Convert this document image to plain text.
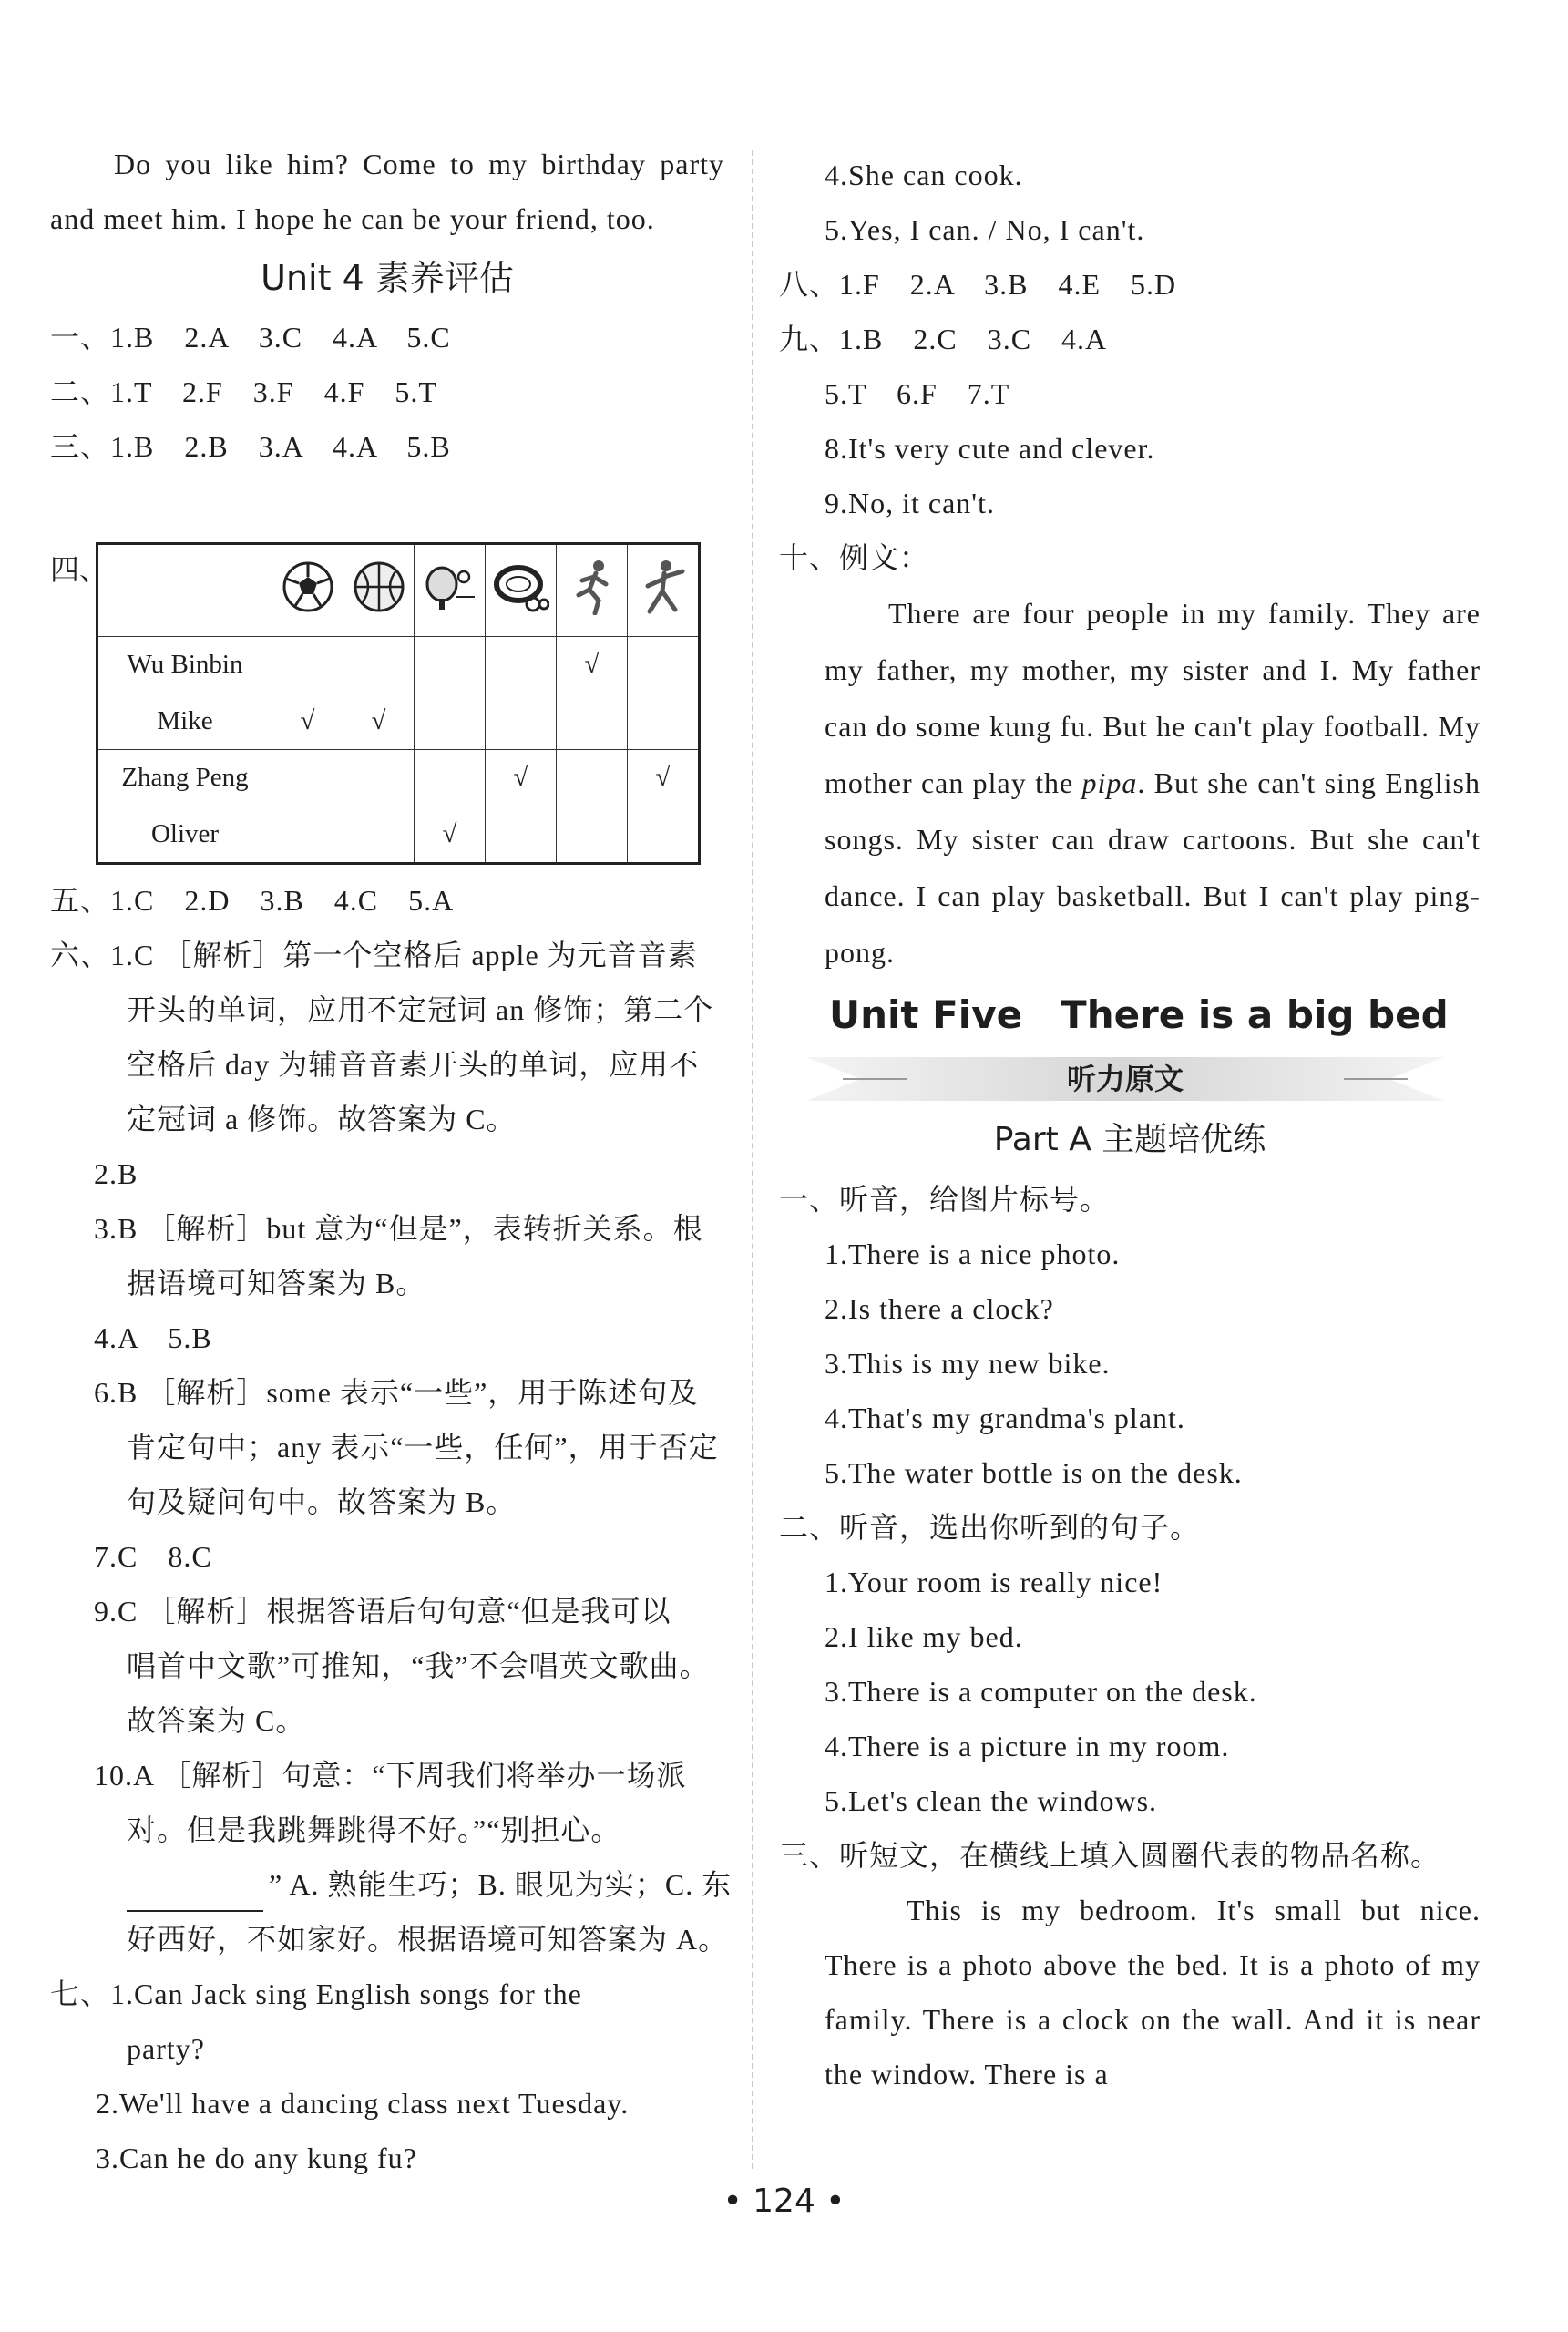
Do you like him? Come to my birthday party and meet him. I hope he can be your friend, too.
Unit 4 素养评估
一、1.B　2.A　3.C　4.A　5.C
二、1.T　2.F　3.F　4.F　5.T
三、1.B　2.B　3.A　4.A　5.B
四、

Wu Binbin					√	
Mike	√	√				
Zhang Peng				√		√
Oliver			√			
五、1.C　2.D　3.B　4.C　5.A
六、1.C ［解析］第一个空格后 apple 为元音音素
开头的单词，应用不定冠词 an 修饰；第二个
空格后 day 为辅音音素开头的单词，应用不
定冠词 a 修饰。故答案为 C。
2.B
3.B ［解析］but 意为“但是”，表转折关系。根
据语境可知答案为 B。
4.A　5.B
6.B ［解析］some 表示“一些”，用于陈述句及
肯定句中；any 表示“一些，任何”，用于否定
句及疑问句中。故答案为 B。
7.C　8.C
9.C ［解析］根据答语后句句意“但是我可以
唱首中文歌”可推知，“我”不会唱英文歌曲。
故答案为 C。
10.A ［解析］句意：“下周我们将举办一场派
对。但是我跳舞跳得不好。”“别担心。
” A. 熟能生巧；B. 眼见为实；C. 东
好西好，不如家好。根据语境可知答案为 A。
七、1.Can Jack sing English songs for the
party?
2.We'll have a dancing class next Tuesday.
3.Can he do any kung fu?
4.She can cook.
5.Yes, I can. / No, I can't.
八、1.F　2.A　3.B　4.E　5.D
九、1.B　2.C　3.C　4.A
5.T　6.F　7.T
8.It's very cute and clever.
9.No, it can't.
十、例文：
There are four people in my family. They are my father, my mother, my sister and I. My father can do some kung fu. But he can't play football. My mother can play the pipa. But she can't sing English songs. My sister can draw cartoons. But she can't dance. I can play basketball. But I can't play ping-pong.
Unit Five　There is a big bed
听力原文
Part A 主题培优练
一、听音，给图片标号。
1.There is a nice photo.
2.Is there a clock?
3.This is my new bike.
4.That's my grandma's plant.
5.The water bottle is on the desk.
二、听音，选出你听到的句子。
1.Your room is really nice!
2.I like my bed.
3.There is a computer on the desk.
4.There is a picture in my room.
5.Let's clean the windows.
三、听短文，在横线上填入圆圈代表的物品名称。
This is my bedroom. It's small but nice. There is a photo above the bed. It is a photo of my family. There is a clock on the wall. And it is near the window. There is a
• 124 •
